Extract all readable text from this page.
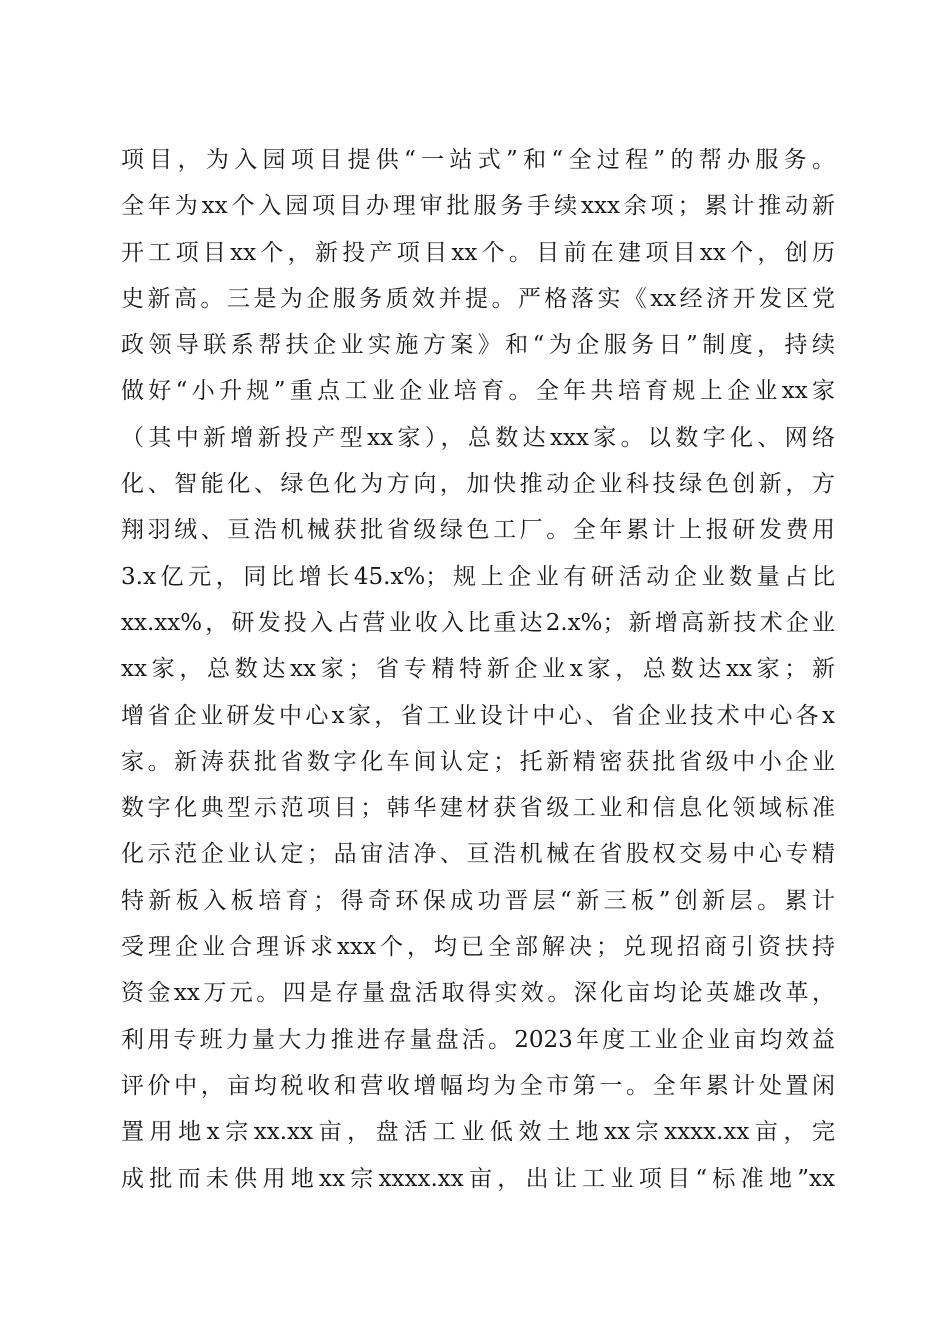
项目，为入园项目提供“一站式”和“全过程”的帮办服务。
全年为xx个入园项目办理审批服务手续xxx余项；累计推动新
开工项目xx个，新投产项目xx个。目前在建项目xx个，创历
史新高。三是为企服务质效并提。严格落实《xx经济开发区党
政领导联系帮扶企业实施方案》和“为企服务日”制度，持续
做好“小升规”重点工业企业培育。全年共培育规上企业xx家
（其中新增新投产型xx家），总数达xxx家。以数字化、网络
化、智能化、绿色化为方向，加快推动企业科技绿色创新，方
翔羽绒、亘浩机械获批省级绿色工厂。全年累计上报研发费用
3.x亿元，同比增长45.x%；规上企业有研活动企业数量占比
xx.xx%，研发投入占营业收入比重达2.x%；新增高新技术企业
xx家，总数达xx家；省专精特新企业x家，总数达xx家；新
增省企业研发中心x家，省工业设计中心、省企业技术中心各x
家。新涛获批省数字化车间认定；托新精密获批省级中小企业
数字化典型示范项目；韩华建材获省级工业和信息化领域标准
化示范企业认定；品宙洁净、亘浩机械在省股权交易中心专精
特新板入板培育；得奇环保成功晋层“新三板”创新层。累计
受理企业合理诉求xxx个，均已全部解决；兑现招商引资扶持
资金xx万元。四是存量盘活取得实效。深化亩均论英雄改革，
利用专班力量大力推进存量盘活。2023年度工业企业亩均效益
评价中，亩均税收和营收增幅均为全市第一。全年累计处置闲
置用地x宗xx.xx亩，盘活工业低效土地xx宗xxxx.xx亩，完
成批而未供用地xx宗xxxx.xx亩，出让工业项目“标准地”xx
